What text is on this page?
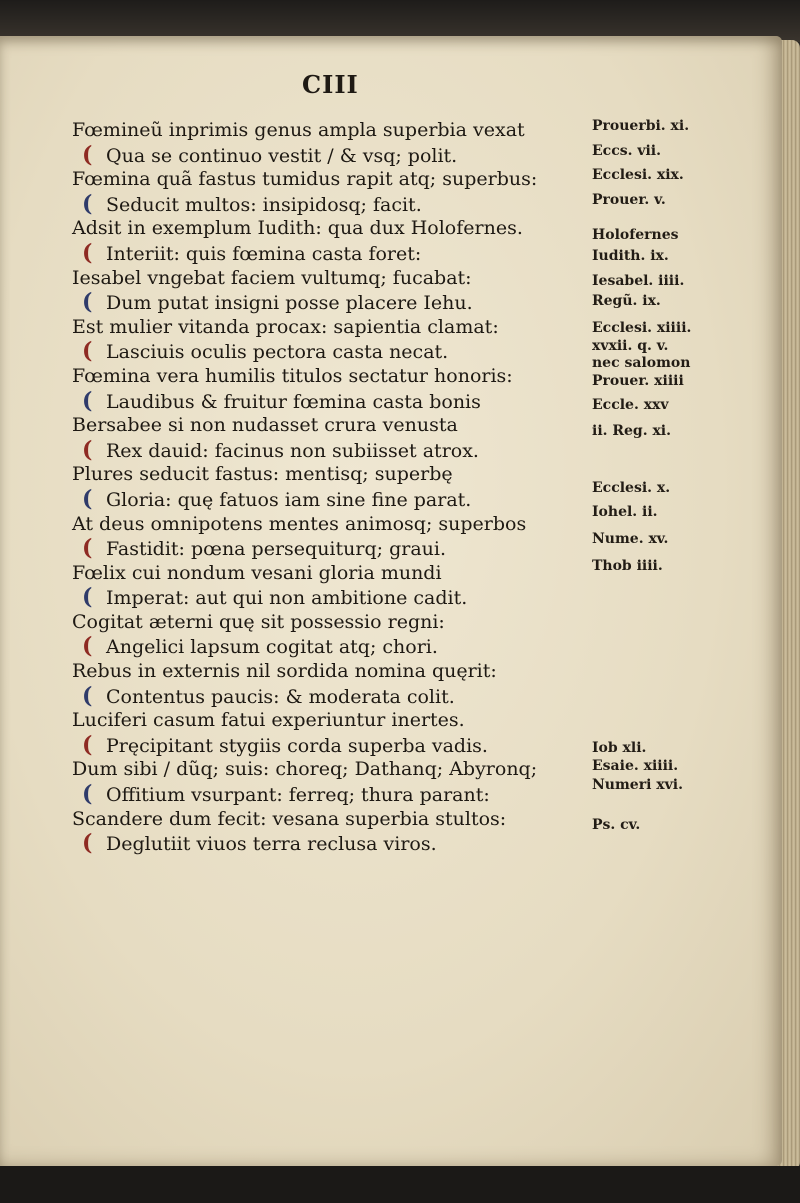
CIII
Fœmineũ inprimis genus ampla superbia vexat
( Qua se continuo vestit / & vsq; polit.
Fœmina quã fastus tumidus rapit atq; superbus:
( Seducit multos: insipidosq; facit.
Adsit in exemplum Iudith: qua dux Holofernes.
( Interiit: quis fœmina casta foret:
Iesabel vngebat faciem vultumq; fucabat:
( Dum putat insigni posse placere Iehu.
Est mulier vitanda procax: sapientia clamat:
( Lasciuis oculis pectora casta necat.
Fœmina vera humilis titulos sectatur honoris:
( Laudibus & fruitur fœmina casta bonis
Bersabee si non nudasset crura venusta
( Rex dauid: facinus non subiisset atrox.
Plures seducit fastus: mentisq; superbę
( Gloria: quę fatuos iam sine fine parat.
At deus omnipotens mentes animosq; superbos
( Fastidit: pœna persequiturq; graui.
Fœlix cui nondum vesani gloria mundi
( Imperat: aut qui non ambitione cadit.
Cogitat æterni quę sit possessio regni:
( Angelici lapsum cogitat atq; chori.
Rebus in externis nil sordida nomina quęrit:
( Contentus paucis: & moderata colit.
Luciferi casum fatui experiuntur inertes.
( Pręcipitant stygiis corda superba vadis.
Dum sibi / dũq; suis: choreq; Dathanq; Abyronq;
( Offitium vsurpant: ferreq; thura parant:
Scandere dum fecit: vesana superbia stultos:
( Deglutiit viuos terra reclusa viros.
Prouerbi. xi.
Eccs. vii.
Ecclesi. xix.
Prouer. v.
Holofernes
Iudith. ix.
Iesabel. iiii.
Regũ. ix.
Ecclesi. xiiii.
xvxii. q. v.
nec salomon
Prouer. xiiii
Eccle. xxv
ii. Reg. xi.
Ecclesi. x.
Iohel. ii.
Nume. xv.
Thob iiii.
Iob xli.
Esaie. xiiii.
Numeri xvi.
Ps. cv.
